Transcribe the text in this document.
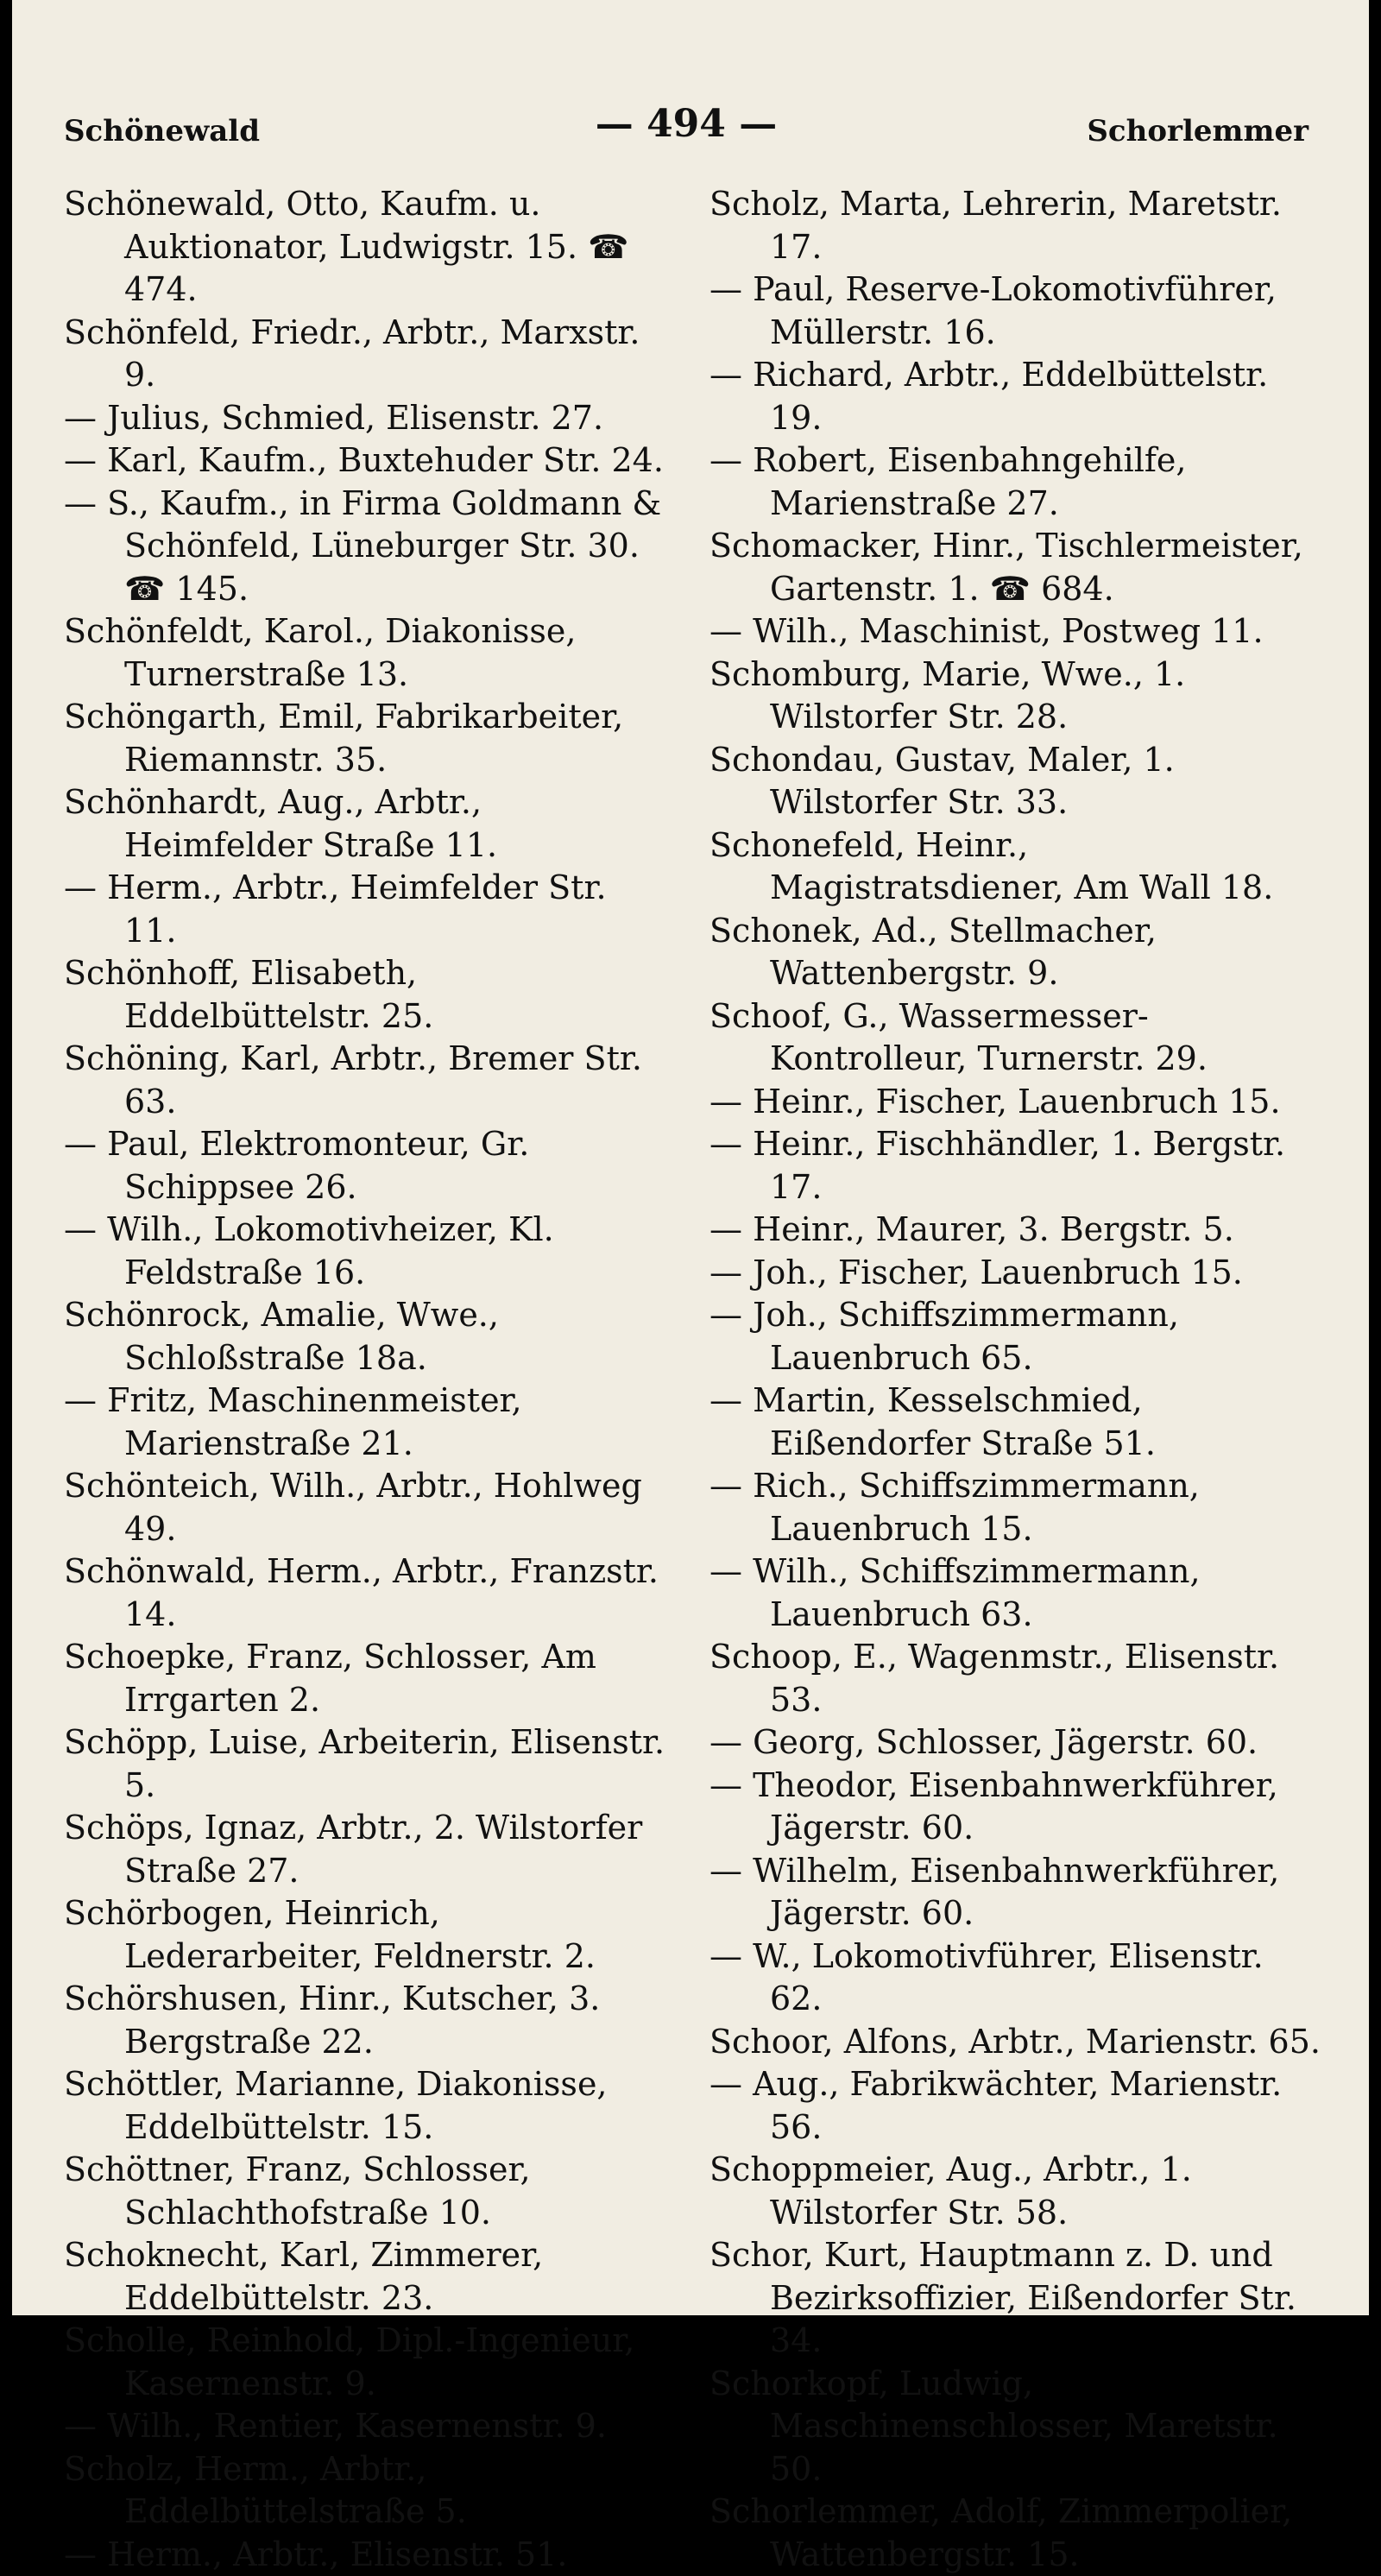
Schönewald	— 494 —	Schorlemmer

Schönewald, Otto, Kaufm. u. Auktionator, Ludwigstr. 15. ☎ 474.

Schönfeld, Friedr., Arbtr., Marxstr. 9.

— Julius, Schmied, Elisenstr. 27.

— Karl, Kaufm., Buxtehuder Str. 24.

— S., Kaufm., in Firma Goldmann & Schönfeld, Lüneburger Str. 30. ☎ 145.

Schönfeldt, Karol., Diakonisse, Turnerstraße 13.

Schöngarth, Emil, Fabrikarbeiter, Riemannstr. 35.

Schönhardt, Aug., Arbtr., Heimfelder Straße 11.

— Herm., Arbtr., Heimfelder Str. 11.

Schönhoff, Elisabeth, Eddelbüttelstr. 25.

Schöning, Karl, Arbtr., Bremer Str. 63.

— Paul, Elektromonteur, Gr. Schippsee 26.

— Wilh., Lokomotivheizer, Kl. Feldstraße 16.

Schönrock, Amalie, Wwe., Schloßstraße 18a.

— Fritz, Maschinenmeister, Marienstraße 21.

Schönteich, Wilh., Arbtr., Hohlweg 49.

Schönwald, Herm., Arbtr., Franzstr. 14.

Schoepke, Franz, Schlosser, Am Irrgarten 2.

Schöpp, Luise, Arbeiterin, Elisenstr. 5.

Schöps, Ignaz, Arbtr., 2. Wilstorfer Straße 27.

Schörbogen, Heinrich, Lederarbeiter, Feldnerstr. 2.

Schörshusen, Hinr., Kutscher, 3. Bergstraße 22.

Schöttler, Marianne, Diakonisse, Eddelbüttelstr. 15.

Schöttner, Franz, Schlosser, Schlachthofstraße 10.

Schoknecht, Karl, Zimmerer, Eddelbüttelstr. 23.

Scholle, Reinhold, Dipl.-Ingenieur, Kasernenstr. 9.

— Wilh., Rentier, Kasernenstr. 9.

Scholz, Herm., Arbtr., Eddelbüttelstraße 5.

— Herm., Arbtr., Elisenstr. 51.

Scholz, Marta, Lehrerin, Maretstr. 17.

— Paul, Reserve-Lokomotivführer, Müllerstr. 16.

— Richard, Arbtr., Eddelbüttelstr. 19.

— Robert, Eisenbahngehilfe, Marienstraße 27.

Schomacker, Hinr., Tischlermeister, Gartenstr. 1. ☎ 684.

— Wilh., Maschinist, Postweg 11.

Schomburg, Marie, Wwe., 1. Wilstorfer Str. 28.

Schondau, Gustav, Maler, 1. Wilstorfer Str. 33.

Schonefeld, Heinr., Magistratsdiener, Am Wall 18.

Schonek, Ad., Stellmacher, Wattenbergstr. 9.

Schoof, G., Wassermesser-Kontrolleur, Turnerstr. 29.

— Heinr., Fischer, Lauenbruch 15.

— Heinr., Fischhändler, 1. Bergstr. 17.

— Heinr., Maurer, 3. Bergstr. 5.

— Joh., Fischer, Lauenbruch 15.

— Joh., Schiffszimmermann, Lauenbruch 65.

— Martin, Kesselschmied, Eißendorfer Straße 51.

— Rich., Schiffszimmermann, Lauenbruch 15.

— Wilh., Schiffszimmermann, Lauenbruch 63.

Schoop, E., Wagenmstr., Elisenstr. 53.

— Georg, Schlosser, Jägerstr. 60.

— Theodor, Eisenbahnwerkführer, Jägerstr. 60.

— Wilhelm, Eisenbahnwerkführer, Jägerstr. 60.

— W., Lokomotivführer, Elisenstr. 62.

Schoor, Alfons, Arbtr., Marienstr. 65.

— Aug., Fabrikwächter, Marienstr. 56.

Schoppmeier, Aug., Arbtr., 1. Wilstorfer Str. 58.

Schor, Kurt, Hauptmann z. D. und Bezirksoffizier, Eißendorfer Str. 34.

Schorkopf, Ludwig, Maschinenschlosser, Maretstr. 50.

Schorlemmer, Adolf, Zimmerpolier, Wattenbergstr. 15.
